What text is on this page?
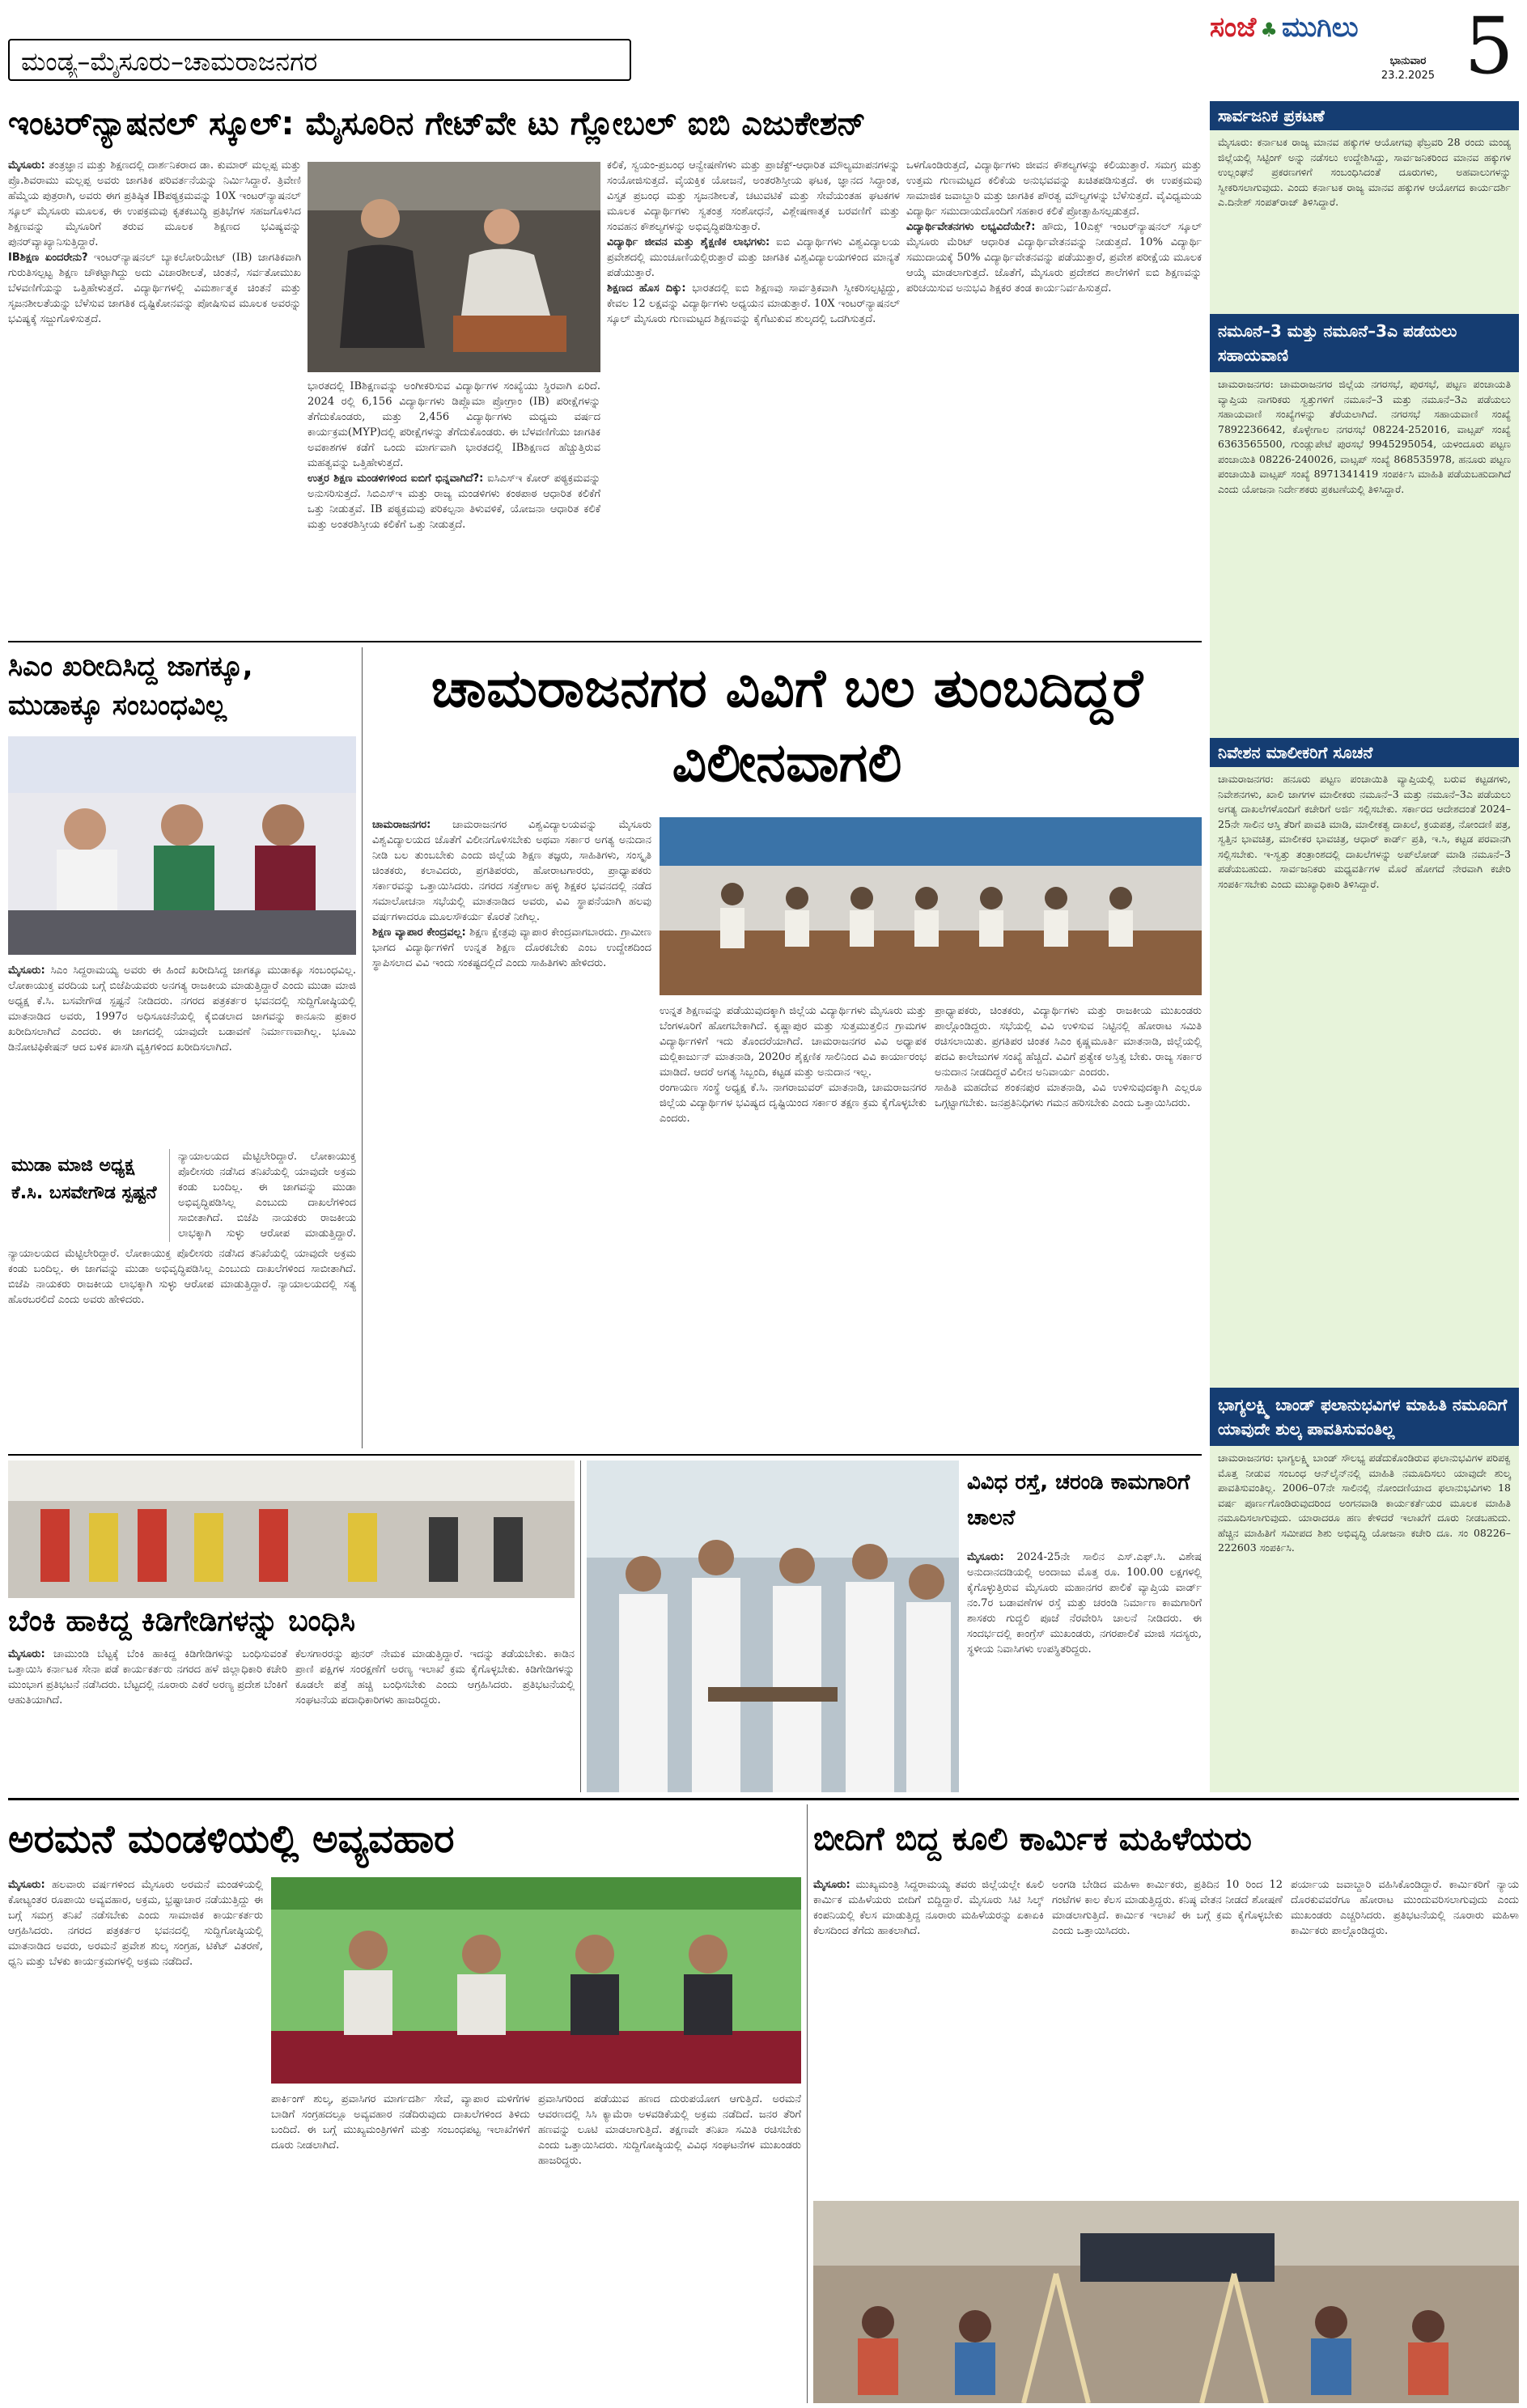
ಮಂಡ್ಯ–ಮೈಸೂರು–ಚಾಮರಾಜನಗರ
ಸಂಜೆ ♣ ಮುಗಿಲು
ಭಾನುವಾರ
23.2.2025 5
ಇಂಟರ್‌ನ್ಯಾಷನಲ್ ಸ್ಕೂಲ್: ಮೈಸೂರಿನ ಗೇಟ್‌ವೇ ಟು ಗ್ಲೋಬಲ್ ಐಬಿ ಎಜುಕೇಶನ್
ಮೈಸೂರು: ತಂತ್ರಜ್ಞಾನ ಮತ್ತು ಶಿಕ್ಷಣದಲ್ಲಿ ದಾರ್ಶನಿಕರಾದ ಡಾ. ಕುಮಾರ್ ಮಲ್ಲಪ್ಪ ಮತ್ತು ಪ್ರೊ.ಶಿವರಾಮು ಮಲ್ಲಪ್ಪ ಅವರು ಜಾಗತಿಕ ಪರಿವರ್ತನೆಯನ್ನು ನಿರ್ಮಿಸಿದ್ದಾರೆ. ತ್ರಿವೇಣಿ ಹೆಮ್ಮೆಯ ಪುತ್ರರಾಗಿ, ಅವರು ಈಗ ಪ್ರತಿಷ್ಠಿತ IBಪಠ್ಯಕ್ರಮವನ್ನು 10X ಇಂಟರ್‌ನ್ಯಾಷನಲ್ ಸ್ಕೂಲ್ ಮೈಸೂರು ಮೂಲಕ, ಈ ಉಪಕ್ರಮವು ಕೃತಕಬುದ್ಧಿ ಪ್ರತಿಭೆಗಳ ಸಹಜಗೊಳಿಸಿದ ಶಿಕ್ಷಣವನ್ನು ಮೈಸೂರಿಗೆ ತರುವ ಮೂಲಕ ಶಿಕ್ಷಣದ ಭವಿಷ್ಯವನ್ನು ಪುನರ್‌ವ್ಯಾಖ್ಯಾನಿಸುತ್ತಿದ್ದಾರೆ.
IBಶಿಕ್ಷಣ ಏಂದರೇನು? ಇಂಟರ್‌ನ್ಯಾಷನಲ್ ಬ್ಯಾಕಲೋರಿಯೇಟ್ (IB) ಜಾಗತಿಕವಾಗಿ ಗುರುತಿಸಲ್ಪಟ್ಟ ಶಿಕ್ಷಣ ಚೌಕಟ್ಟಾಗಿದ್ದು ಅದು ವಿಚಾರಶೀಲತೆ, ಚಿಂತನೆ, ಸರ್ವತೋಮುಖ ಬೆಳವಣಿಗೆಯನ್ನು ಒತ್ತಿಹೇಳುತ್ತದೆ. ವಿದ್ಯಾರ್ಥಿಗಳಲ್ಲಿ ವಿಮರ್ಶಾತ್ಮಕ ಚಿಂತನೆ ಮತ್ತು ಸೃಜನಶೀಲತೆಯನ್ನು ಬೆಳೆಸುವ ಜಾಗತಿಕ ದೃಷ್ಟಿಕೋನವನ್ನು ಪೋಷಿಸುವ ಮೂಲಕ ಅವರನ್ನು ಭವಿಷ್ಯಕ್ಕೆ ಸಜ್ಜುಗೊಳಿಸುತ್ತದೆ.
ಭಾರತದಲ್ಲಿ IBಶಿಕ್ಷಣವನ್ನು ಅಂಗೀಕರಿಸುವ ವಿದ್ಯಾರ್ಥಿಗಳ ಸಂಖ್ಯೆಯು ಸ್ಥಿರವಾಗಿ ಏರಿದೆ. 2024 ರಲ್ಲಿ 6,156 ವಿದ್ಯಾರ್ಥಿಗಳು ಡಿಪ್ಲೊಮಾ ಪ್ರೋಗ್ರಾಂ (IB) ಪರೀಕ್ಷೆಗಳನ್ನು ತೆಗೆದುಕೊಂಡರು, ಮತ್ತು 2,456 ವಿದ್ಯಾರ್ಥಿಗಳು ಮಧ್ಯಮ ವರ್ಷದ ಕಾರ್ಯಕ್ರಮ(MYP)ದಲ್ಲಿ ಪರೀಕ್ಷೆಗಳನ್ನು ತೆಗೆದುಕೊಂಡರು. ಈ ಬೆಳವಣಿಗೆಯು ಜಾಗತಿಕ ಅವಕಾಶಗಳ ಕಡೆಗೆ ಒಂದು ಮಾರ್ಗವಾಗಿ ಭಾರತದಲ್ಲಿ IBಶಿಕ್ಷಣದ ಹೆಚ್ಚುತ್ತಿರುವ ಮಹತ್ವವನ್ನು ಒತ್ತಿಹೇಳುತ್ತದೆ.
ಉತ್ತರ ಶಿಕ್ಷಣ ಮಂಡಳಿಗಳಿಂದ ಐಬಿಗೆ ಭಿನ್ನವಾಗಿದೆ?: ಐಸಿಎಸ್‌ಇ ಕೋರ್ ಪಠ್ಯಕ್ರಮವನ್ನು ಅನುಸರಿಸುತ್ತದೆ. ಸಿಬಿಎಸ್‌ಇ ಮತ್ತು ರಾಜ್ಯ ಮಂಡಳಿಗಳು ಕಂಠಪಾಠ ಆಧಾರಿತ ಕಲಿಕೆಗೆ ಒತ್ತು ನೀಡುತ್ತವೆ. IB ಪಠ್ಯಕ್ರಮವು ಪರಿಕಲ್ಪನಾ ತಿಳುವಳಿಕೆ, ಯೋಜನಾ ಆಧಾರಿತ ಕಲಿಕೆ ಮತ್ತು ಅಂತರಶಿಸ್ತೀಯ ಕಲಿಕೆಗೆ ಒತ್ತು ನೀಡುತ್ತದೆ.
ಕಲಿಕೆ, ಸ್ವಯಂ-ಪ್ರಬಂಧ ಆನ್ವೇಷಣೆಗಳು ಮತ್ತು ಪ್ರಾಜೆಕ್ಟ್-ಆಧಾರಿತ ಮೌಲ್ಯಮಾಪನಗಳನ್ನು ಸಂಯೋಜಿಸುತ್ತದೆ. ವೈಯಕ್ತಿಕ ಯೋಜನೆ, ಅಂತರಶಿಸ್ತೀಯ ಘಟಕ, ಜ್ಞಾನದ ಸಿದ್ಧಾಂತ, ವಿಸ್ತೃತ ಪ್ರಬಂಧ ಮತ್ತು ಸೃಜನಶೀಲತೆ, ಚಟುವಟಿಕೆ ಮತ್ತು ಸೇವೆಯಂತಹ ಘಟಕಗಳ ಮೂಲಕ ವಿದ್ಯಾರ್ಥಿಗಳು ಸ್ವತಂತ್ರ ಸಂಶೋಧನೆ, ವಿಶ್ಲೇಷಣಾತ್ಮಕ ಬರವಣಿಗೆ ಮತ್ತು ಸಂವಹನ ಕೌಶಲ್ಯಗಳನ್ನು ಅಭಿವೃದ್ಧಿಪಡಿಸುತ್ತಾರೆ.
ವಿದ್ಯಾರ್ಥಿ ಜೀವನ ಮತ್ತು ಶೈಕ್ಷಣಿಕ ಲಾಭಗಳು: ಐಬಿ ವಿದ್ಯಾರ್ಥಿಗಳು ವಿಶ್ವವಿದ್ಯಾಲಯ ಪ್ರವೇಶದಲ್ಲಿ ಮುಂಚೂಣಿಯಲ್ಲಿರುತ್ತಾರೆ ಮತ್ತು ಜಾಗತಿಕ ವಿಶ್ವವಿದ್ಯಾಲಯಗಳಿಂದ ಮಾನ್ಯತೆ ಪಡೆಯುತ್ತಾರೆ.
ಶಿಕ್ಷಣದ ಹೊಸ ದಿಕ್ಕು: ಭಾರತದಲ್ಲಿ ಐಬಿ ಶಿಕ್ಷಣವು ಸಾರ್ವತ್ರಿಕವಾಗಿ ಸ್ವೀಕರಿಸಲ್ಪಟ್ಟಿದ್ದು, ಕೇವಲ 12 ಲಕ್ಷವನ್ನು ವಿದ್ಯಾರ್ಥಿಗಳು ಅಧ್ಯಯನ ಮಾಡುತ್ತಾರೆ. 10X ಇಂಟರ್‌ನ್ಯಾಷನಲ್ ಸ್ಕೂಲ್ ಮೈಸೂರು ಗುಣಮಟ್ಟದ ಶಿಕ್ಷಣವನ್ನು ಕೈಗೆಟುಕುವ ಶುಲ್ಕದಲ್ಲಿ ಒದಗಿಸುತ್ತದೆ.
ಒಳಗೊಂಡಿರುತ್ತದೆ, ವಿದ್ಯಾರ್ಥಿಗಳು ಜೀವನ ಕೌಶಲ್ಯಗಳನ್ನು ಕಲಿಯುತ್ತಾರೆ. ಸಮಗ್ರ ಮತ್ತು ಉತ್ತಮ ಗುಣಮಟ್ಟದ ಕಲಿಕೆಯ ಅನುಭವವನ್ನು ಖಚಿತಪಡಿಸುತ್ತದೆ. ಈ ಉಪಕ್ರಮವು ಸಾಮಾಜಿಕ ಜವಾಬ್ದಾರಿ ಮತ್ತು ಜಾಗತಿಕ ಪೌರತ್ವ ಮೌಲ್ಯಗಳನ್ನು ಬೆಳೆಸುತ್ತದೆ. ವೈವಿಧ್ಯಮಯ ವಿದ್ಯಾರ್ಥಿ ಸಮುದಾಯದೊಂದಿಗೆ ಸಹಕಾರ ಕಲಿಕೆ ಪ್ರೋತ್ಸಾಹಿಸಲ್ಪಡುತ್ತದೆ.
ವಿದ್ಯಾರ್ಥಿವೇತನಗಳು ಲಭ್ಯವಿದೆಯೇ?: ಹೌದು, 10ಎಕ್ಸ್ ಇಂಟರ್‌ನ್ಯಾಷನಲ್ ಸ್ಕೂಲ್ ಮೈಸೂರು ಮೆರಿಟ್ ಆಧಾರಿತ ವಿದ್ಯಾರ್ಥಿವೇತನವನ್ನು ನೀಡುತ್ತದೆ. 10% ವಿದ್ಯಾರ್ಥಿ ಸಮುದಾಯಕ್ಕೆ 50% ವಿದ್ಯಾರ್ಥಿವೇತನವನ್ನು ಪಡೆಯುತ್ತಾರೆ, ಪ್ರವೇಶ ಪರೀಕ್ಷೆಯ ಮೂಲಕ ಆಯ್ಕೆ ಮಾಡಲಾಗುತ್ತದೆ. ಜೊತೆಗೆ, ಮೈಸೂರು ಪ್ರದೇಶದ ಶಾಲೆಗಳಿಗೆ ಐಬಿ ಶಿಕ್ಷಣವನ್ನು ಪರಿಚಯಿಸುವ ಅನುಭವಿ ಶಿಕ್ಷಕರ ತಂಡ ಕಾರ್ಯನಿರ್ವಹಿಸುತ್ತದೆ.
ಸಿಎಂ ಖರೀದಿಸಿದ್ದ ಜಾಗಕ್ಕೂ, ಮುಡಾಕ್ಕೂ ಸಂಬಂಧವಿಲ್ಲ
ಮೈಸೂರು: ಸಿಎಂ ಸಿದ್ದರಾಮಯ್ಯ ಅವರು ಈ ಹಿಂದೆ ಖರೀದಿಸಿದ್ದ ಜಾಗಕ್ಕೂ ಮುಡಾಕ್ಕೂ ಸಂಬಂಧವಿಲ್ಲ. ಲೋಕಾಯುಕ್ತ ವರದಿಯ ಬಗ್ಗೆ ಬಿಜೆಪಿಯವರು ಅನಗತ್ಯ ರಾಜಕೀಯ ಮಾಡುತ್ತಿದ್ದಾರೆ ಎಂದು ಮುಡಾ ಮಾಜಿ ಅಧ್ಯಕ್ಷ ಕೆ.ಸಿ. ಬಸವೇಗೌಡ ಸ್ಪಷ್ಟನೆ ನೀಡಿದರು. ನಗರದ ಪತ್ರಕರ್ತರ ಭವನದಲ್ಲಿ ಸುದ್ದಿಗೋಷ್ಠಿಯಲ್ಲಿ ಮಾತನಾಡಿದ ಅವರು, 1997ರ ಅಧಿಸೂಚನೆಯಲ್ಲಿ ಕೈಬಿಡಲಾದ ಜಾಗವನ್ನು ಕಾನೂನು ಪ್ರಕಾರ ಖರೀದಿಸಲಾಗಿದೆ ಎಂದರು. ಈ ಜಾಗದಲ್ಲಿ ಯಾವುದೇ ಬಡಾವಣೆ ನಿರ್ಮಾಣವಾಗಿಲ್ಲ. ಭೂಮಿ ಡಿನೋಟಿಫಿಕೇಷನ್ ಆದ ಬಳಿಕ ಖಾಸಗಿ ವ್ಯಕ್ತಿಗಳಿಂದ ಖರೀದಿಸಲಾಗಿದೆ.
ಮುಡಾ ಮಾಜಿ ಅಧ್ಯಕ್ಷ ಕೆ.ಸಿ. ಬಸವೇಗೌಡ ಸ್ಪಷ್ಟನೆ
ನ್ಯಾಯಾಲಯದ ಮೆಟ್ಟಿಲೇರಿದ್ದಾರೆ. ಲೋಕಾಯುಕ್ತ ಪೊಲೀಸರು ನಡೆಸಿದ ತನಿಖೆಯಲ್ಲಿ ಯಾವುದೇ ಅಕ್ರಮ ಕಂಡು ಬಂದಿಲ್ಲ. ಈ ಜಾಗವನ್ನು ಮುಡಾ ಅಭಿವೃದ್ಧಿಪಡಿಸಿಲ್ಲ ಎಂಬುದು ದಾಖಲೆಗಳಿಂದ ಸಾಬೀತಾಗಿದೆ. ಬಿಜೆಪಿ ನಾಯಕರು ರಾಜಕೀಯ ಲಾಭಕ್ಕಾಗಿ ಸುಳ್ಳು ಆರೋಪ ಮಾಡುತ್ತಿದ್ದಾರೆ.
ನ್ಯಾಯಾಲಯದ ಮೆಟ್ಟಿಲೇರಿದ್ದಾರೆ. ಲೋಕಾಯುಕ್ತ ಪೊಲೀಸರು ನಡೆಸಿದ ತನಿಖೆಯಲ್ಲಿ ಯಾವುದೇ ಅಕ್ರಮ ಕಂಡು ಬಂದಿಲ್ಲ. ಈ ಜಾಗವನ್ನು ಮುಡಾ ಅಭಿವೃದ್ಧಿಪಡಿಸಿಲ್ಲ ಎಂಬುದು ದಾಖಲೆಗಳಿಂದ ಸಾಬೀತಾಗಿದೆ. ಬಿಜೆಪಿ ನಾಯಕರು ರಾಜಕೀಯ ಲಾಭಕ್ಕಾಗಿ ಸುಳ್ಳು ಆರೋಪ ಮಾಡುತ್ತಿದ್ದಾರೆ. ನ್ಯಾಯಾಲಯದಲ್ಲಿ ಸತ್ಯ ಹೊರಬರಲಿದೆ ಎಂದು ಅವರು ಹೇಳಿದರು.
ಚಾಮರಾಜನಗರ ವಿವಿಗೆ ಬಲ ತುಂಬದಿದ್ದರೆ ವಿಲೀನವಾಗಲಿ
ಚಾಮರಾಜನಗರ: ಚಾಮರಾಜನಗರ ವಿಶ್ವವಿದ್ಯಾಲಯವನ್ನು ಮೈಸೂರು ವಿಶ್ವವಿದ್ಯಾಲಯದ ಜೊತೆಗೆ ವಿಲೀನಗೊಳಿಸಬೇಕು ಅಥವಾ ಸರ್ಕಾರ ಅಗತ್ಯ ಅನುದಾನ ನೀಡಿ ಬಲ ತುಂಬಬೇಕು ಎಂದು ಜಿಲ್ಲೆಯ ಶಿಕ್ಷಣ ತಜ್ಞರು, ಸಾಹಿತಿಗಳು, ಸಂಸ್ಕೃತಿ ಚಿಂತಕರು, ಕಲಾವಿದರು, ಪ್ರಗತಿಪರರು, ಹೋರಾಟಗಾರರು, ಪ್ರಾಧ್ಯಾಪಕರು ಸರ್ಕಾರವನ್ನು ಒತ್ತಾಯಿಸಿದರು. ನಗರದ ಸತ್ತೇಗಾಲ ಹಳ್ಳಿ ಶಿಕ್ಷಕರ ಭವನದಲ್ಲಿ ನಡೆದ ಸಮಾಲೋಚನಾ ಸಭೆಯಲ್ಲಿ ಮಾತನಾಡಿದ ಅವರು, ವಿವಿ ಸ್ಥಾಪನೆಯಾಗಿ ಹಲವು ವರ್ಷಗಳಾದರೂ ಮೂಲಸೌಕರ್ಯ ಕೊರತೆ ನೀಗಿಲ್ಲ.
ಶಿಕ್ಷಣ ವ್ಯಾಪಾರ ಕೇಂದ್ರವಲ್ಲ: ಶಿಕ್ಷಣ ಕ್ಷೇತ್ರವು ವ್ಯಾಪಾರ ಕೇಂದ್ರವಾಗಬಾರದು. ಗ್ರಾಮೀಣ ಭಾಗದ ವಿದ್ಯಾರ್ಥಿಗಳಿಗೆ ಉನ್ನತ ಶಿಕ್ಷಣ ದೊರಕಬೇಕು ಎಂಬ ಉದ್ದೇಶದಿಂದ ಸ್ಥಾಪಿಸಲಾದ ವಿವಿ ಇಂದು ಸಂಕಷ್ಟದಲ್ಲಿದೆ ಎಂದು ಸಾಹಿತಿಗಳು ಹೇಳಿದರು.
ಉನ್ನತ ಶಿಕ್ಷಣವನ್ನು ಪಡೆಯುವುದಕ್ಕಾಗಿ ಜಿಲ್ಲೆಯ ವಿದ್ಯಾರ್ಥಿಗಳು ಮೈಸೂರು ಮತ್ತು ಬೆಂಗಳೂರಿಗೆ ಹೋಗಬೇಕಾಗಿದೆ. ಕೃಷ್ಣಾಪುರ ಮತ್ತು ಸುತ್ತಮುತ್ತಲಿನ ಗ್ರಾಮಗಳ ವಿದ್ಯಾರ್ಥಿಗಳಿಗೆ ಇದು ತೊಂದರೆಯಾಗಿದೆ. ಚಾಮರಾಜನಗರ ವಿವಿ ಅಧ್ಯಾಪಕ ಮಲ್ಲಿಕಾರ್ಜುನ್ ಮಾತನಾಡಿ, 2020ರ ಶೈಕ್ಷಣಿಕ ಸಾಲಿನಿಂದ ವಿವಿ ಕಾರ್ಯಾರಂಭ ಮಾಡಿದೆ. ಆದರೆ ಅಗತ್ಯ ಸಿಬ್ಬಂದಿ, ಕಟ್ಟಡ ಮತ್ತು ಅನುದಾನ ಇಲ್ಲ.
ರಂಗಾಯಣ ಸಂಸ್ಥೆ ಅಧ್ಯಕ್ಷ ಕೆ.ಸಿ. ನಾಗರಾಜುವರ್ ಮಾತನಾಡಿ, ಚಾಮರಾಜನಗರ ಜಿಲ್ಲೆಯ ವಿದ್ಯಾರ್ಥಿಗಳ ಭವಿಷ್ಯದ ದೃಷ್ಟಿಯಿಂದ ಸರ್ಕಾರ ತಕ್ಷಣ ಕ್ರಮ ಕೈಗೊಳ್ಳಬೇಕು ಎಂದರು.
ಪ್ರಾಧ್ಯಾಪಕರು, ಚಿಂತಕರು, ವಿದ್ಯಾರ್ಥಿಗಳು ಮತ್ತು ರಾಜಕೀಯ ಮುಖಂಡರು ಪಾಲ್ಗೊಂಡಿದ್ದರು. ಸಭೆಯಲ್ಲಿ ವಿವಿ ಉಳಿಸುವ ನಿಟ್ಟಿನಲ್ಲಿ ಹೋರಾಟ ಸಮಿತಿ ರಚಿಸಲಾಯಿತು. ಪ್ರಗತಿಪರ ಚಿಂತಕ ಸಿಎಂ ಕೃಷ್ಣಮೂರ್ತಿ ಮಾತನಾಡಿ, ಜಿಲ್ಲೆಯಲ್ಲಿ ಪದವಿ ಕಾಲೇಜುಗಳ ಸಂಖ್ಯೆ ಹೆಚ್ಚಿದೆ. ವಿವಿಗೆ ಪ್ರತ್ಯೇಕ ಅಸ್ತಿತ್ವ ಬೇಕು. ರಾಜ್ಯ ಸರ್ಕಾರ ಅನುದಾನ ನೀಡದಿದ್ದರೆ ವಿಲೀನ ಅನಿವಾರ್ಯ ಎಂದರು.
ಸಾಹಿತಿ ಮಹದೇವ ಶಂಕನಪುರ ಮಾತನಾಡಿ, ವಿವಿ ಉಳಿಸುವುದಕ್ಕಾಗಿ ಎಲ್ಲರೂ ಒಗ್ಗಟ್ಟಾಗಬೇಕು. ಜನಪ್ರತಿನಿಧಿಗಳು ಗಮನ ಹರಿಸಬೇಕು ಎಂದು ಒತ್ತಾಯಿಸಿದರು.
ಬೆಂಕಿ ಹಾಕಿದ್ದ ಕಿಡಿಗೇಡಿಗಳನ್ನು ಬಂಧಿಸಿ
ಮೈಸೂರು: ಚಾಮುಂಡಿ ಬೆಟ್ಟಕ್ಕೆ ಬೆಂಕಿ ಹಾಕಿದ್ದ ಕಿಡಿಗೇಡಿಗಳನ್ನು ಬಂಧಿಸುವಂತೆ ಒತ್ತಾಯಿಸಿ ಕರ್ನಾಟಕ ಸೇನಾ ಪಡೆ ಕಾರ್ಯಕರ್ತರು ನಗರದ ಹಳೆ ಜಿಲ್ಲಾಧಿಕಾರಿ ಕಚೇರಿ ಮುಂಭಾಗ ಪ್ರತಿಭಟನೆ ನಡೆಸಿದರು. ಬೆಟ್ಟದಲ್ಲಿ ನೂರಾರು ಎಕರೆ ಅರಣ್ಯ ಪ್ರದೇಶ ಬೆಂಕಿಗೆ ಆಹುತಿಯಾಗಿದೆ.
ಕೆಲಸಗಾರರನ್ನು ಪುನರ್ ನೇಮಕ ಮಾಡುತ್ತಿದ್ದಾರೆ. ಇದನ್ನು ತಡೆಯಬೇಕು. ಕಾಡಿನ ಪ್ರಾಣಿ ಪಕ್ಷಿಗಳ ಸಂರಕ್ಷಣೆಗೆ ಅರಣ್ಯ ಇಲಾಖೆ ಕ್ರಮ ಕೈಗೊಳ್ಳಬೇಕು. ಕಿಡಿಗೇಡಿಗಳನ್ನು ಕೂಡಲೇ ಪತ್ತೆ ಹಚ್ಚಿ ಬಂಧಿಸಬೇಕು ಎಂದು ಆಗ್ರಹಿಸಿದರು. ಪ್ರತಿಭಟನೆಯಲ್ಲಿ ಸಂಘಟನೆಯ ಪದಾಧಿಕಾರಿಗಳು ಹಾಜರಿದ್ದರು.
ವಿವಿಧ ರಸ್ತೆ, ಚರಂಡಿ ಕಾಮಗಾರಿಗೆ ಚಾಲನೆ
ಮೈಸೂರು: 2024-25ನೇ ಸಾಲಿನ ಎಸ್.ಎಫ್.ಸಿ. ವಿಶೇಷ ಅನುದಾನದಡಿಯಲ್ಲಿ ಅಂದಾಜು ಮೊತ್ತ ರೂ. 100.00 ಲಕ್ಷಗಳಲ್ಲಿ ಕೈಗೊಳ್ಳುತ್ತಿರುವ ಮೈಸೂರು ಮಹಾನಗರ ಪಾಲಿಕೆ ವ್ಯಾಪ್ತಿಯ ವಾರ್ಡ್ ನಂ.7ರ ಬಡಾವಣೆಗಳ ರಸ್ತೆ ಮತ್ತು ಚರಂಡಿ ನಿರ್ಮಾಣ ಕಾಮಗಾರಿಗೆ ಶಾಸಕರು ಗುದ್ದಲಿ ಪೂಜೆ ನೆರವೇರಿಸಿ ಚಾಲನೆ ನೀಡಿದರು. ಈ ಸಂದರ್ಭದಲ್ಲಿ ಕಾಂಗ್ರೆಸ್ ಮುಖಂಡರು, ನಗರಪಾಲಿಕೆ ಮಾಜಿ ಸದಸ್ಯರು, ಸ್ಥಳೀಯ ನಿವಾಸಿಗಳು ಉಪಸ್ಥಿತರಿದ್ದರು.
ಅರಮನೆ ಮಂಡಳಿಯಲ್ಲಿ ಅವ್ಯವಹಾರ
ಮೈಸೂರು: ಹಲವಾರು ವರ್ಷಗಳಿಂದ ಮೈಸೂರು ಅರಮನೆ ಮಂಡಳಿಯಲ್ಲಿ ಕೋಟ್ಯಂತರ ರೂಪಾಯಿ ಅವ್ಯವಹಾರ, ಅಕ್ರಮ, ಭ್ರಷ್ಟಾಚಾರ ನಡೆಯುತ್ತಿದ್ದು ಈ ಬಗ್ಗೆ ಸಮಗ್ರ ತನಿಖೆ ನಡೆಸಬೇಕು ಎಂದು ಸಾಮಾಜಿಕ ಕಾರ್ಯಕರ್ತರು ಆಗ್ರಹಿಸಿದರು. ನಗರದ ಪತ್ರಕರ್ತರ ಭವನದಲ್ಲಿ ಸುದ್ದಿಗೋಷ್ಠಿಯಲ್ಲಿ ಮಾತನಾಡಿದ ಅವರು, ಅರಮನೆ ಪ್ರವೇಶ ಶುಲ್ಕ ಸಂಗ್ರಹ, ಟಿಕೆಟ್ ವಿತರಣೆ, ಧ್ವನಿ ಮತ್ತು ಬೆಳಕು ಕಾರ್ಯಕ್ರಮಗಳಲ್ಲಿ ಅಕ್ರಮ ನಡೆದಿದೆ.
ಪಾರ್ಕಿಂಗ್ ಶುಲ್ಕ, ಪ್ರವಾಸಿಗರ ಮಾರ್ಗದರ್ಶಿ ಸೇವೆ, ವ್ಯಾಪಾರ ಮಳಿಗೆಗಳ ಬಾಡಿಗೆ ಸಂಗ್ರಹದಲ್ಲೂ ಅವ್ಯವಹಾರ ನಡೆದಿರುವುದು ದಾಖಲೆಗಳಿಂದ ತಿಳಿದು ಬಂದಿದೆ. ಈ ಬಗ್ಗೆ ಮುಖ್ಯಮಂತ್ರಿಗಳಿಗೆ ಮತ್ತು ಸಂಬಂಧಪಟ್ಟ ಇಲಾಖೆಗಳಿಗೆ ದೂರು ನೀಡಲಾಗಿದೆ.
ಪ್ರವಾಸಿಗರಿಂದ ಪಡೆಯುವ ಹಣದ ದುರುಪಯೋಗ ಆಗುತ್ತಿದೆ. ಅರಮನೆ ಆವರಣದಲ್ಲಿ ಸಿಸಿ ಕ್ಯಾಮೆರಾ ಅಳವಡಿಕೆಯಲ್ಲಿ ಅಕ್ರಮ ನಡೆದಿದೆ. ಜನರ ತೆರಿಗೆ ಹಣವನ್ನು ಲೂಟಿ ಮಾಡಲಾಗುತ್ತಿದೆ. ತಕ್ಷಣವೇ ತನಿಖಾ ಸಮಿತಿ ರಚಿಸಬೇಕು ಎಂದು ಒತ್ತಾಯಿಸಿದರು. ಸುದ್ದಿಗೋಷ್ಠಿಯಲ್ಲಿ ವಿವಿಧ ಸಂಘಟನೆಗಳ ಮುಖಂಡರು ಹಾಜರಿದ್ದರು.
ಬೀದಿಗೆ ಬಿದ್ದ ಕೂಲಿ ಕಾರ್ಮಿಕ ಮಹಿಳೆಯರು
ಮೈಸೂರು: ಮುಖ್ಯಮಂತ್ರಿ ಸಿದ್ದರಾಮಯ್ಯ ತವರು ಜಿಲ್ಲೆಯಲ್ಲೇ ಕೂಲಿ ಕಾರ್ಮಿಕ ಮಹಿಳೆಯರು ಬೀದಿಗೆ ಬಿದ್ದಿದ್ದಾರೆ. ಮೈಸೂರು ಸಿಟಿ ಸಿಲ್ಕ್ ಕಂಪನಿಯಲ್ಲಿ ಕೆಲಸ ಮಾಡುತ್ತಿದ್ದ ನೂರಾರು ಮಹಿಳೆಯರನ್ನು ಏಕಾಏಕಿ ಕೆಲಸದಿಂದ ತೆಗೆದು ಹಾಕಲಾಗಿದೆ.
ಅಂಗಡಿ ಬೇಡಿದ ಮಹಿಳಾ ಕಾರ್ಮಿಕರು, ಪ್ರತಿದಿನ 10 ರಿಂದ 12 ಗಂಟೆಗಳ ಕಾಲ ಕೆಲಸ ಮಾಡುತ್ತಿದ್ದರು. ಕನಿಷ್ಠ ವೇತನ ನೀಡದೆ ಶೋಷಣೆ ಮಾಡಲಾಗುತ್ತಿದೆ. ಕಾರ್ಮಿಕ ಇಲಾಖೆ ಈ ಬಗ್ಗೆ ಕ್ರಮ ಕೈಗೊಳ್ಳಬೇಕು ಎಂದು ಒತ್ತಾಯಿಸಿದರು.
ಪರ್ಯಾಯ ಜವಾಬ್ದಾರಿ ವಹಿಸಿಕೊಂಡಿದ್ದಾರೆ. ಕಾರ್ಮಿಕರಿಗೆ ನ್ಯಾಯ ದೊರಕುವವರೆಗೂ ಹೋರಾಟ ಮುಂದುವರಿಸಲಾಗುವುದು ಎಂದು ಮುಖಂಡರು ಎಚ್ಚರಿಸಿದರು. ಪ್ರತಿಭಟನೆಯಲ್ಲಿ ನೂರಾರು ಮಹಿಳಾ ಕಾರ್ಮಿಕರು ಪಾಲ್ಗೊಂಡಿದ್ದರು.
ಸಾರ್ವಜನಿಕ ಪ್ರಕಟಣೆ
ಮೈಸೂರು: ಕರ್ನಾಟಕ ರಾಜ್ಯ ಮಾನವ ಹಕ್ಕುಗಳ ಆಯೋಗವು ಫೆಬ್ರವರಿ 28 ರಂದು ಮಂಡ್ಯ ಜಿಲ್ಲೆಯಲ್ಲಿ ಸಿಟ್ಟಿಂಗ್ ಅನ್ನು ನಡೆಸಲು ಉದ್ದೇಶಿಸಿದ್ದು, ಸಾರ್ವಜನಿಕರಿಂದ ಮಾನವ ಹಕ್ಕುಗಳ ಉಲ್ಲಂಘನೆ ಪ್ರಕರಣಗಳಿಗೆ ಸಂಬಂಧಿಸಿದಂತೆ ದೂರುಗಳು, ಅಹವಾಲುಗಳನ್ನು ಸ್ವೀಕರಿಸಲಾಗುವುದು. ಎಂದು ಕರ್ನಾಟಕ ರಾಜ್ಯ ಮಾನವ ಹಕ್ಕುಗಳ ಆಯೋಗದ ಕಾರ್ಯದರ್ಶಿ ಎ.ದಿನೇಶ್ ಸಂಪತ್‌ರಾಜ್ ತಿಳಿಸಿದ್ದಾರೆ.
ನಮೂನೆ–3 ಮತ್ತು ನಮೂನೆ–3ಎ ಪಡೆಯಲು ಸಹಾಯವಾಣಿ
ಚಾಮರಾಜನಗರ: ಚಾಮರಾಜನಗರ ಜಿಲ್ಲೆಯ ನಗರಸಭೆ, ಪುರಸಭೆ, ಪಟ್ಟಣ ಪಂಚಾಯತಿ ವ್ಯಾಪ್ತಿಯ ನಾಗರಿಕರು ಸ್ವತ್ತುಗಳಿಗೆ ನಮೂನೆ–3 ಮತ್ತು ನಮೂನೆ–3ಎ ಪಡೆಯಲು ಸಹಾಯವಾಣಿ ಸಂಖ್ಯೆಗಳನ್ನು ತೆರೆಯಲಾಗಿದೆ. ನಗರಸಭೆ ಸಹಾಯವಾಣಿ ಸಂಖ್ಯೆ 7892236642, ಕೊಳ್ಳೇಗಾಲ ನಗರಸಭೆ 08224-252016, ವಾಟ್ಸಪ್ ಸಂಖ್ಯೆ 6363565500, ಗುಂಡ್ಲುಪೇಟೆ ಪುರಸಭೆ 9945295054, ಯಳಂದೂರು ಪಟ್ಟಣ ಪಂಚಾಯಿತಿ 08226-240026, ವಾಟ್ಸಪ್ ಸಂಖ್ಯೆ 868535978, ಹನೂರು ಪಟ್ಟಣ ಪಂಚಾಯಿತಿ ವಾಟ್ಸಪ್ ಸಂಖ್ಯೆ 8971341419 ಸಂಪರ್ಕಿಸಿ ಮಾಹಿತಿ ಪಡೆಯಬಹುದಾಗಿದೆ ಎಂದು ಯೋಜನಾ ನಿರ್ದೇಶಕರು ಪ್ರಕಟಣೆಯಲ್ಲಿ ತಿಳಿಸಿದ್ದಾರೆ.
ನಿವೇಶನ ಮಾಲೀಕರಿಗೆ ಸೂಚನೆ
ಚಾಮರಾಜನಗರ: ಹನೂರು ಪಟ್ಟಣ ಪಂಚಾಯಿತಿ ವ್ಯಾಪ್ತಿಯಲ್ಲಿ ಬರುವ ಕಟ್ಟಡಗಳು, ನಿವೇಶನಗಳು, ಖಾಲಿ ಜಾಗಗಳ ಮಾಲೀಕರು ನಮೂನೆ–3 ಮತ್ತು ನಮೂನೆ–3ಎ ಪಡೆಯಲು ಅಗತ್ಯ ದಾಖಲೆಗಳೊಂದಿಗೆ ಕಚೇರಿಗೆ ಅರ್ಜಿ ಸಲ್ಲಿಸಬೇಕು. ಸರ್ಕಾರದ ಆದೇಶದಂತೆ 2024–25ನೇ ಸಾಲಿನ ಆಸ್ತಿ ತೆರಿಗೆ ಪಾವತಿ ಮಾಡಿ, ಮಾಲೀಕತ್ವ ದಾಖಲೆ, ಕ್ರಯಪತ್ರ, ನೋಂದಣಿ ಪತ್ರ, ಸ್ವತ್ತಿನ ಭಾವಚಿತ್ರ, ಮಾಲೀಕರ ಭಾವಚಿತ್ರ, ಆಧಾರ್ ಕಾರ್ಡ್ ಪ್ರತಿ, ಇ.ಸಿ, ಕಟ್ಟಡ ಪರವಾನಗಿ ಸಲ್ಲಿಸಬೇಕು. ಇ-ಸ್ವತ್ತು ತಂತ್ರಾಂಶದಲ್ಲಿ ದಾಖಲೆಗಳನ್ನು ಅಪ್‌ಲೋಡ್ ಮಾಡಿ ನಮೂನೆ–3 ಪಡೆಯಬಹುದು. ಸಾರ್ವಜನಿಕರು ಮಧ್ಯವರ್ತಿಗಳ ಮೊರೆ ಹೋಗದೆ ನೇರವಾಗಿ ಕಚೇರಿ ಸಂಪರ್ಕಿಸಬೇಕು ಎಂದು ಮುಖ್ಯಾಧಿಕಾರಿ ತಿಳಿಸಿದ್ದಾರೆ.
ಭಾಗ್ಯಲಕ್ಷ್ಮಿ ಬಾಂಡ್ ಫಲಾನುಭವಿಗಳ ಮಾಹಿತಿ ನಮೂದಿಗೆ ಯಾವುದೇ ಶುಲ್ಕ ಪಾವತಿಸುವಂತಿಲ್ಲ
ಚಾಮರಾಜನಗರ: ಭಾಗ್ಯಲಕ್ಷ್ಮಿ ಬಾಂಡ್ ಸೌಲಭ್ಯ ಪಡೆದುಕೊಂಡಿರುವ ಫಲಾನುಭವಿಗಳ ಪರಿಪಕ್ವ ಮೊತ್ತ ನೀಡುವ ಸಂಬಂಧ ಆನ್‌ಲೈನ್‌ನಲ್ಲಿ ಮಾಹಿತಿ ನಮೂದಿಸಲು ಯಾವುದೇ ಶುಲ್ಕ ಪಾವತಿಸುವಂತಿಲ್ಲ. 2006–07ನೇ ಸಾಲಿನಲ್ಲಿ ನೋಂದಣಿಯಾದ ಫಲಾನುಭವಿಗಳು 18 ವರ್ಷ ಪೂರ್ಣಗೊಂಡಿರುವುದರಿಂದ ಅಂಗನವಾಡಿ ಕಾರ್ಯಕರ್ತೆಯರ ಮೂಲಕ ಮಾಹಿತಿ ನಮೂದಿಸಲಾಗುವುದು. ಯಾರಾದರೂ ಹಣ ಕೇಳಿದರೆ ಇಲಾಖೆಗೆ ದೂರು ನೀಡಬಹುದು. ಹೆಚ್ಚಿನ ಮಾಹಿತಿಗೆ ಸಮೀಪದ ಶಿಶು ಅಭಿವೃದ್ಧಿ ಯೋಜನಾ ಕಚೇರಿ ದೂ. ಸಂ 08226–222603 ಸಂಪರ್ಕಿಸಿ.
